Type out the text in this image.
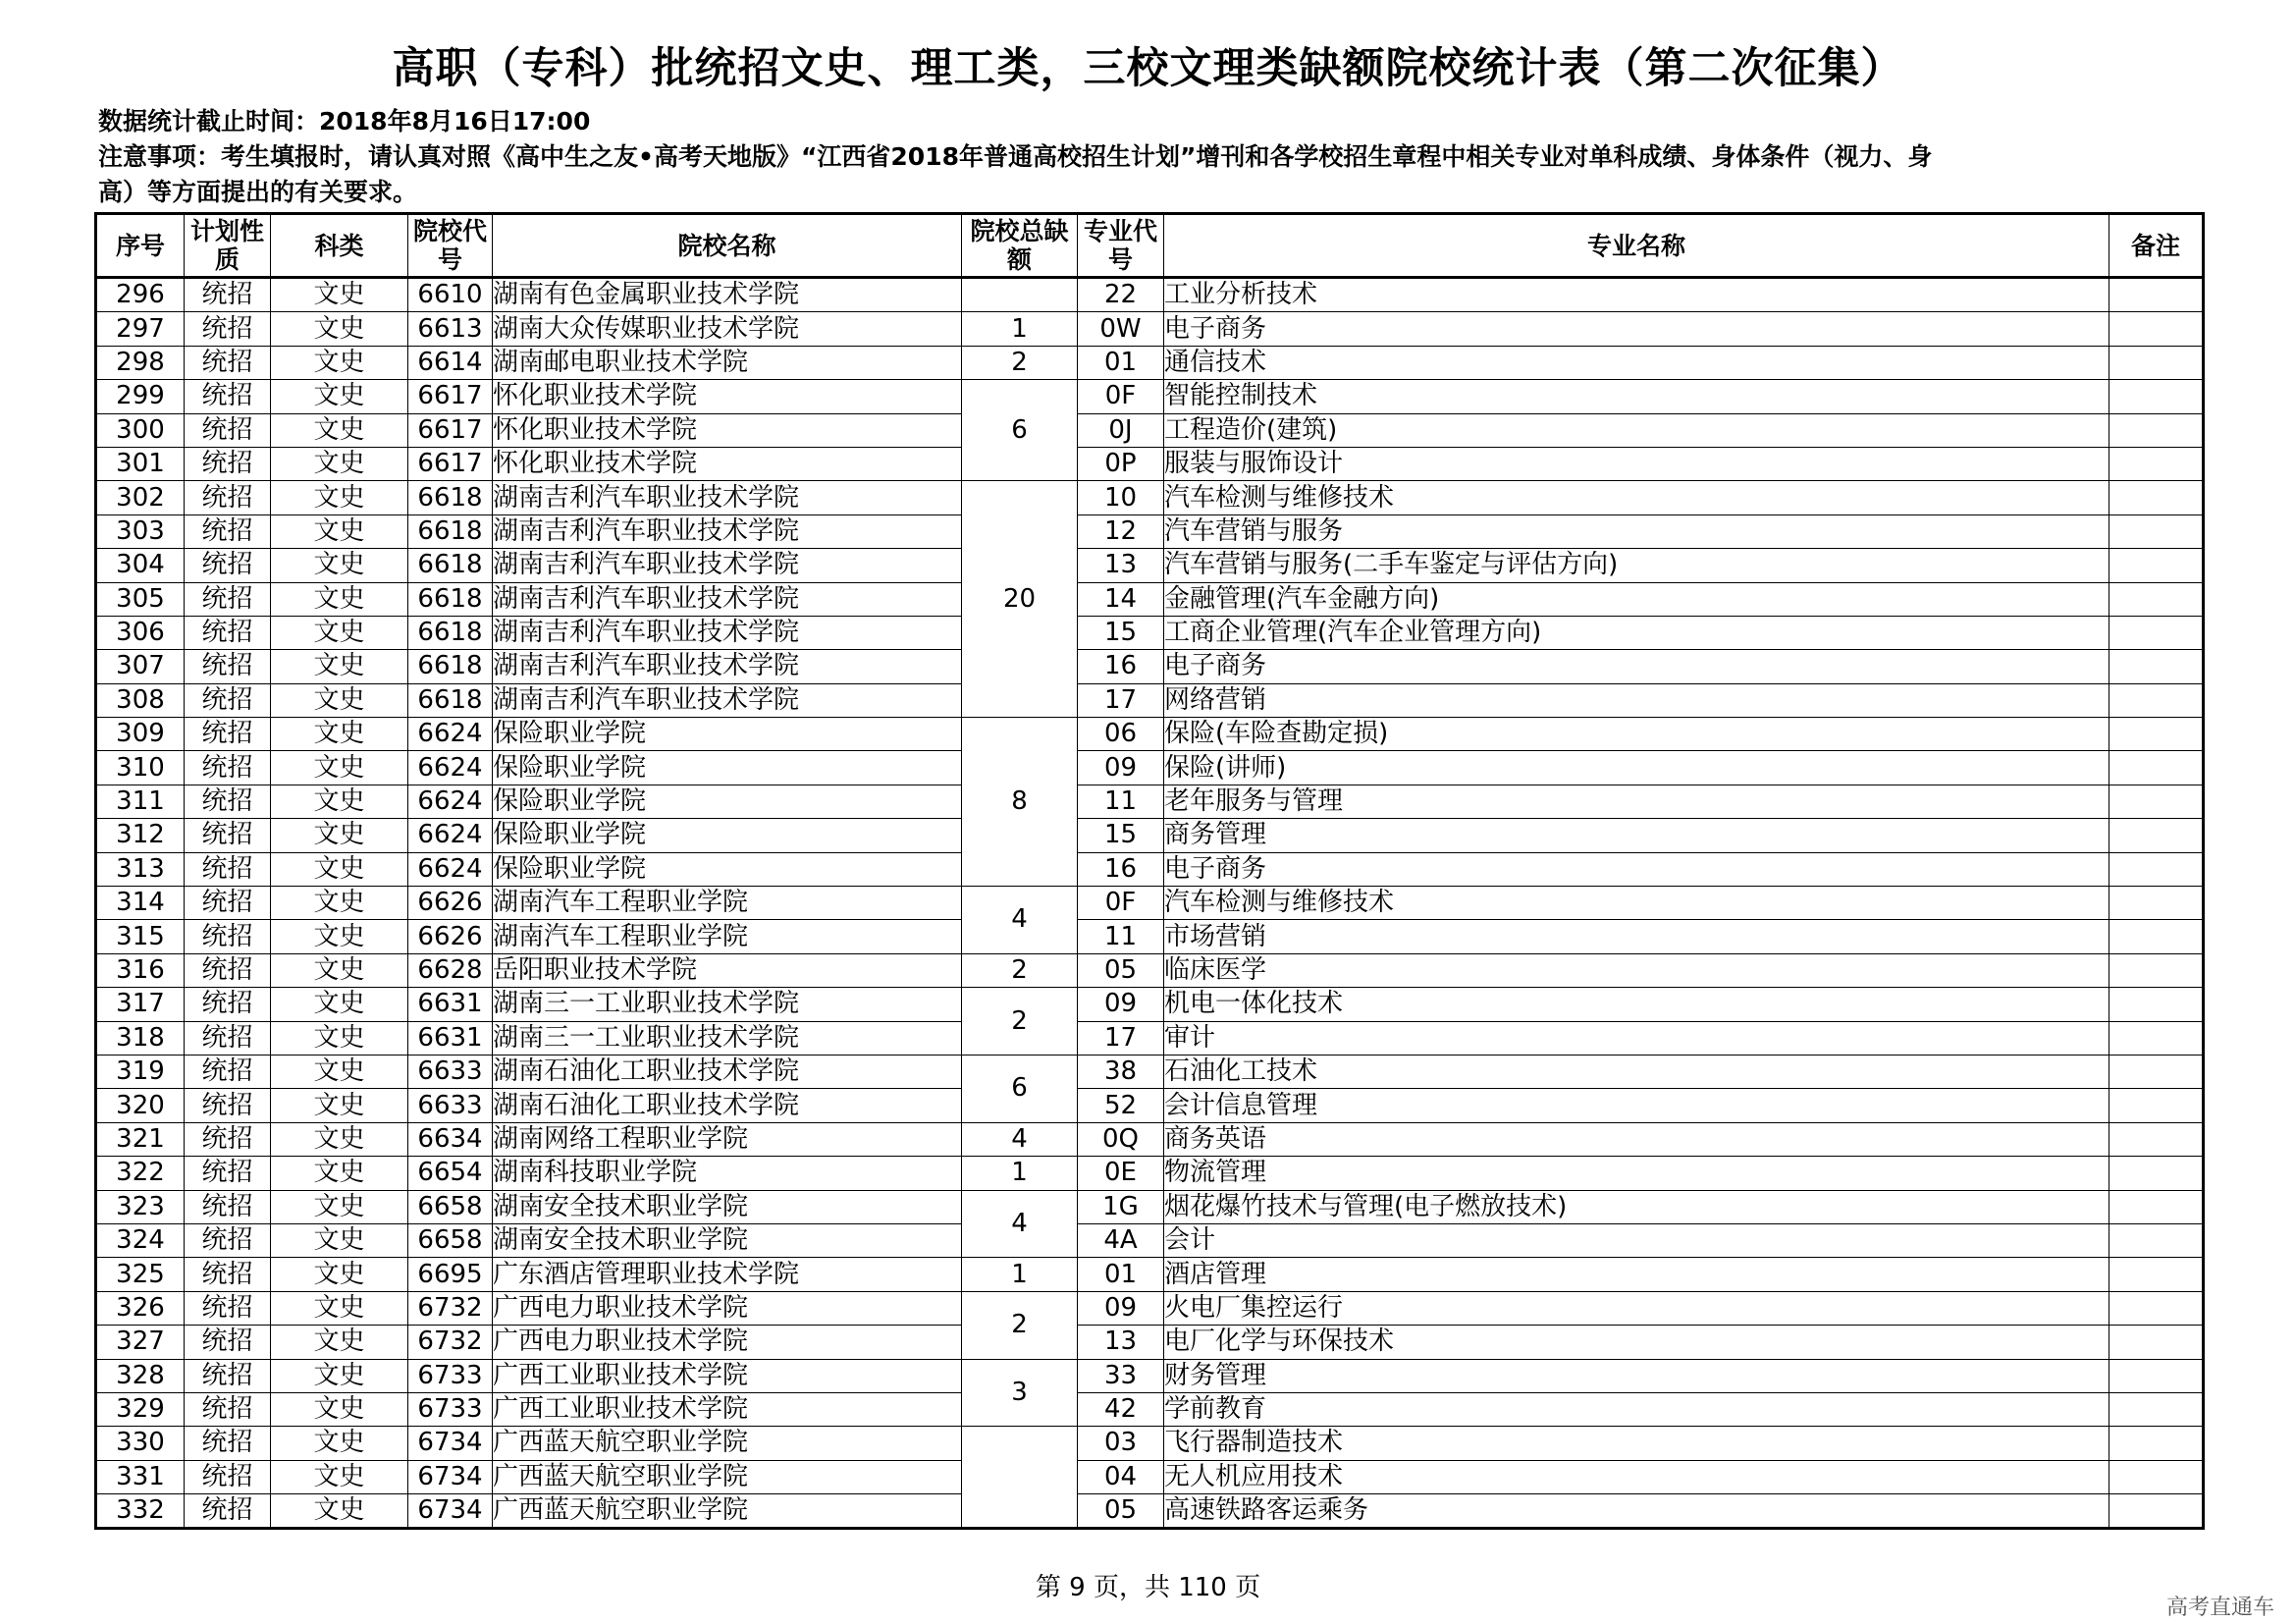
高职（专科）批统招文史、理工类，三校文理类缺额院校统计表（第二次征集）
数据统计截止时间：2018年8月16日17:00
注意事项：考生填报时，请认真对照《高中生之友•高考天地版》“江西省2018年普通高校招生计划”增刊和各学校招生章程中相关专业对单科成绩、身体条件（视力、身
高）等方面提出的有关要求。
序号	计划性质	科类	院校代号	院校名称	院校总缺额	专业代号	专业名称	备注
296	统招	文史	6610	湖南有色金属职业技术学院		22	工业分析技术	
297	统招	文史	6613	湖南大众传媒职业技术学院	1	0W	电子商务	
298	统招	文史	6614	湖南邮电职业技术学院	2	01	通信技术	
299	统招	文史	6617	怀化职业技术学院	6	0F	智能控制技术	
300	统招	文史	6617	怀化职业技术学院		0J	工程造价(建筑)	
301	统招	文史	6617	怀化职业技术学院		0P	服装与服饰设计	
302	统招	文史	6618	湖南吉利汽车职业技术学院	20	10	汽车检测与维修技术	
303	统招	文史	6618	湖南吉利汽车职业技术学院		12	汽车营销与服务	
304	统招	文史	6618	湖南吉利汽车职业技术学院		13	汽车营销与服务(二手车鉴定与评估方向)	
305	统招	文史	6618	湖南吉利汽车职业技术学院		14	金融管理(汽车金融方向)	
306	统招	文史	6618	湖南吉利汽车职业技术学院		15	工商企业管理(汽车企业管理方向)	
307	统招	文史	6618	湖南吉利汽车职业技术学院		16	电子商务	
308	统招	文史	6618	湖南吉利汽车职业技术学院		17	网络营销	
309	统招	文史	6624	保险职业学院	8	06	保险(车险查勘定损)	
310	统招	文史	6624	保险职业学院		09	保险(讲师)	
311	统招	文史	6624	保险职业学院		11	老年服务与管理	
312	统招	文史	6624	保险职业学院		15	商务管理	
313	统招	文史	6624	保险职业学院		16	电子商务	
314	统招	文史	6626	湖南汽车工程职业学院	4	0F	汽车检测与维修技术	
315	统招	文史	6626	湖南汽车工程职业学院		11	市场营销	
316	统招	文史	6628	岳阳职业技术学院	2	05	临床医学	
317	统招	文史	6631	湖南三一工业职业技术学院	2	09	机电一体化技术	
318	统招	文史	6631	湖南三一工业职业技术学院		17	审计	
319	统招	文史	6633	湖南石油化工职业技术学院	6	38	石油化工技术	
320	统招	文史	6633	湖南石油化工职业技术学院		52	会计信息管理	
321	统招	文史	6634	湖南网络工程职业学院	4	0Q	商务英语	
322	统招	文史	6654	湖南科技职业学院	1	0E	物流管理	
323	统招	文史	6658	湖南安全技术职业学院	4	1G	烟花爆竹技术与管理(电子燃放技术)	
324	统招	文史	6658	湖南安全技术职业学院		4A	会计	
325	统招	文史	6695	广东酒店管理职业技术学院	1	01	酒店管理	
326	统招	文史	6732	广西电力职业技术学院	2	09	火电厂集控运行	
327	统招	文史	6732	广西电力职业技术学院		13	电厂化学与环保技术	
328	统招	文史	6733	广西工业职业技术学院	3	33	财务管理	
329	统招	文史	6733	广西工业职业技术学院		42	学前教育	
330	统招	文史	6734	广西蓝天航空职业学院		03	飞行器制造技术	
331	统招	文史	6734	广西蓝天航空职业学院		04	无人机应用技术	
332	统招	文史	6734	广西蓝天航空职业学院		05	高速铁路客运乘务	
第 9 页，共 110 页
高考直通车
